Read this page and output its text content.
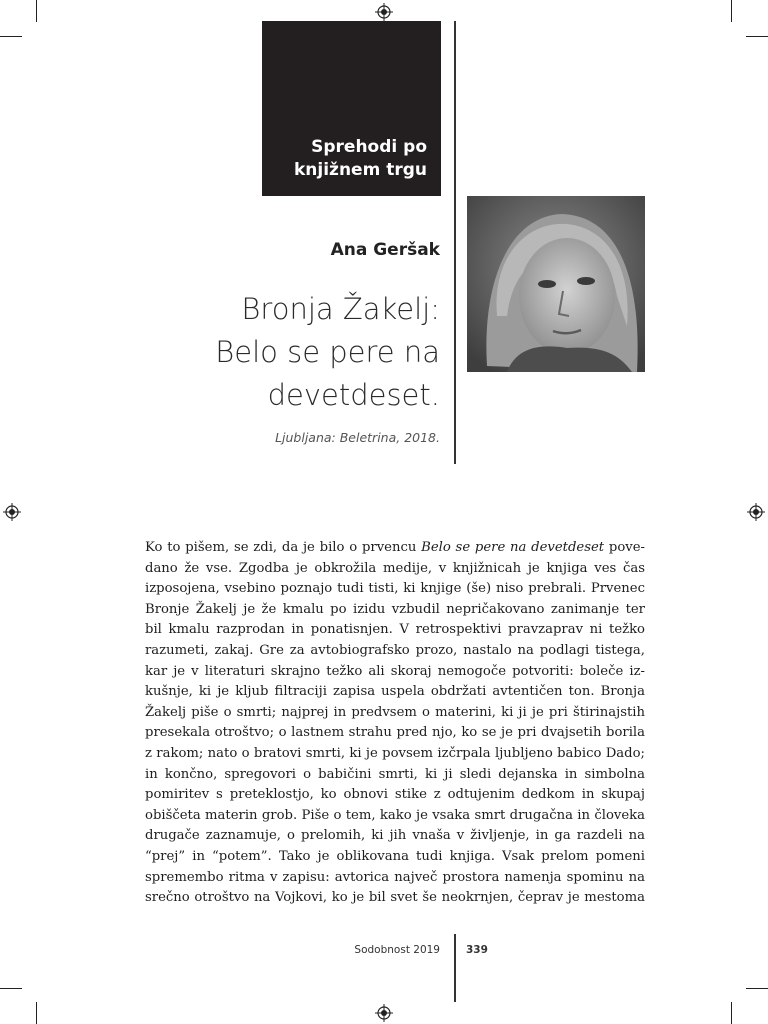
Sprehodi po
knjižnem trgu
Ana Geršak
Bronja Žakelj:
Belo se pere na
devetdeset.
Ljubljana: Beletrina, 2018.
Ko to pišem, se zdi, da je bilo o prvencu Belo se pere na devetdeset pove-
dano že vse. Zgodba je obkrožila medije, v knjižnicah je knjiga ves čas
izposojena, vsebino poznajo tudi tisti, ki knjige (še) niso prebrali. Prvenec
Bronje Žakelj je že kmalu po izidu vzbudil nepričakovano zanimanje ter
bil kmalu razprodan in ponatisnjen. V retrospektivi pravzaprav ni težko
razumeti, zakaj. Gre za avtobiografsko prozo, nastalo na podlagi tistega,
kar je v literaturi skrajno težko ali skoraj nemogoče potvoriti: boleče iz-
kušnje, ki je kljub filtraciji zapisa uspela obdržati avtentičen ton. Bronja
Žakelj piše o smrti; najprej in predvsem o materini, ki ji je pri štirinajstih
presekala otroštvo; o lastnem strahu pred njo, ko se je pri dvajsetih borila
z rakom; nato o bratovi smrti, ki je povsem izčrpala ljubljeno babico Dado;
in končno, spregovori o babičini smrti, ki ji sledi dejanska in simbolna
pomiritev s preteklostjo, ko obnovi stike z odtujenim dedkom in skupaj
obiščeta materin grob. Piše o tem, kako je vsaka smrt drugačna in človeka
drugače zaznamuje, o prelomih, ki jih vnaša v življenje, in ga razdeli na
“prej” in “potem”. Tako je oblikovana tudi knjiga. Vsak prelom pomeni
spremembo ritma v zapisu: avtorica največ prostora namenja spominu na
srečno otroštvo na Vojkovi, ko je bil svet še neokrnjen, čeprav je mestoma
Sodobnost 2019 339
